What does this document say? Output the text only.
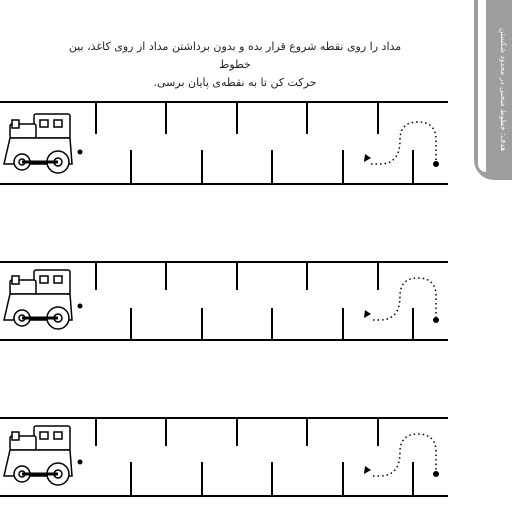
هدف: خطوط منحنی در محدود شکستن
مداد را روی نقطه شروع قرار بده و بدون برداشتن مداد از روی کاغذ، بین خطوط
حرکت کن تا به نقطه‌ی پایان برسی.
